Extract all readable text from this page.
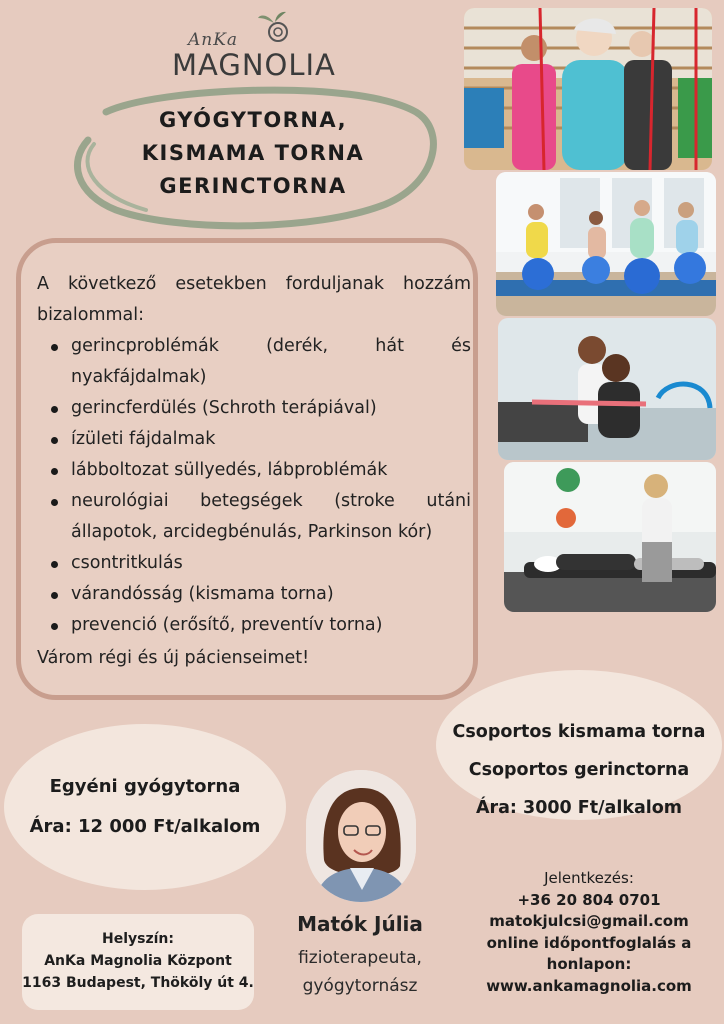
AnKa
MAGNOLIA
GYÓGYTORNA,
KISMAMA TORNA
GERINCTORNA
A következő esetekben forduljanak hozzám bizalommal:
gerincproblémák (derék, hát és nyakfájdalmak)
gerincferdülés (Schroth terápiával)
ízületi fájdalmak
lábboltozat süllyedés, lábproblémák
neurológiai betegségek (stroke utáni állapotok, arcidegbénulás, Parkinson kór)
csontritkulás
várandósság (kismama torna)
prevenció (erősítő, preventív torna)
Várom régi és új pácienseimet!
Csoportos kismama torna
Csoportos gerinctorna
Ára: 3000 Ft/alkalom
Egyéni gyógytorna
Ára: 12 000 Ft/alkalom
Matók Júlia
fizioterapeuta,
gyógytornász
Helyszín:
AnKa Magnolia Központ
1163 Budapest, Thököly út 4.
Jelentkezés:
+36 20 804 0701
matokjulcsi@gmail.com
online időpontfoglalás a
honlapon:
www.ankamagnolia.com
